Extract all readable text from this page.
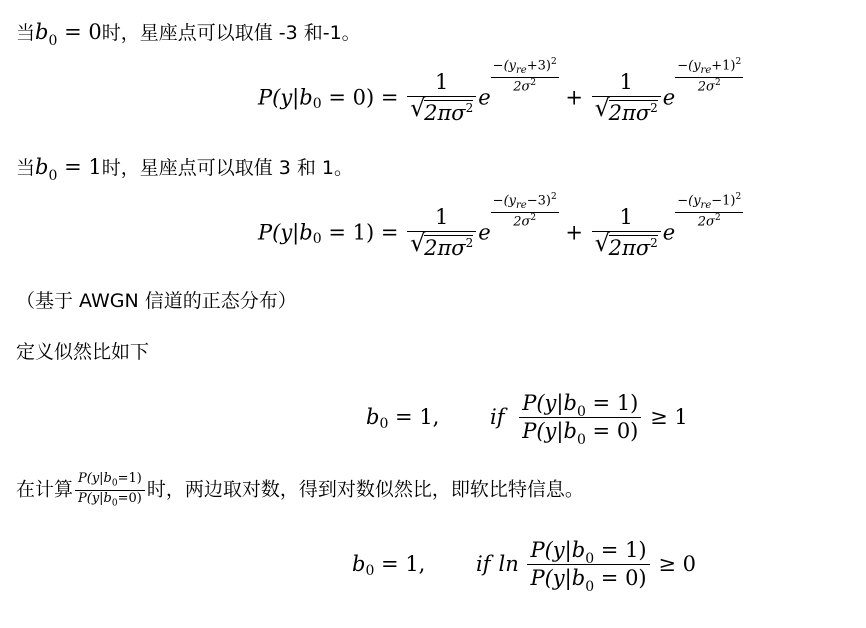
当$b_0 = 0$时，星座点可以取值 -3 和-1。
$P(y|b_0 = 0) = 1$
√
$2\pi\sigma^2$ e
$\frac{-(y_{re}+3)^2}{2\sigma^2}$
+ 1
√
$2\pi\sigma^2$ e
$\frac{-(y_{re}+1)^2}{2\sigma^2}$
当$b_0 = 1$时，星座点可以取值 3 和 1。
$P(y|b_0 = 1) = 1$
√
$2\pi\sigma^2$ e
$\frac{-(y_{re}-3)^2}{2\sigma^2}$
+ 1
√
$2\pi\sigma^2$ e
$\frac{-(y_{re}-1)^2}{2\sigma^2}$
（基于 AWGN 信道的正态分布）
定义似然比如下
$b_0 = 1$, if $\frac{P(y|b_0 = 1)}{P(y|b_0 = 0)} \ge 1$
在计算 $\frac{P(y|b_0=1)}{P(y|b_0=0)}$ 时，两边取对数，得到对数似然比，即软比特信息。
$b_0 = 1$, if $\ln \frac{P(y|b_0 = 1)}{P(y|b_0 = 0)} \ge 0$
